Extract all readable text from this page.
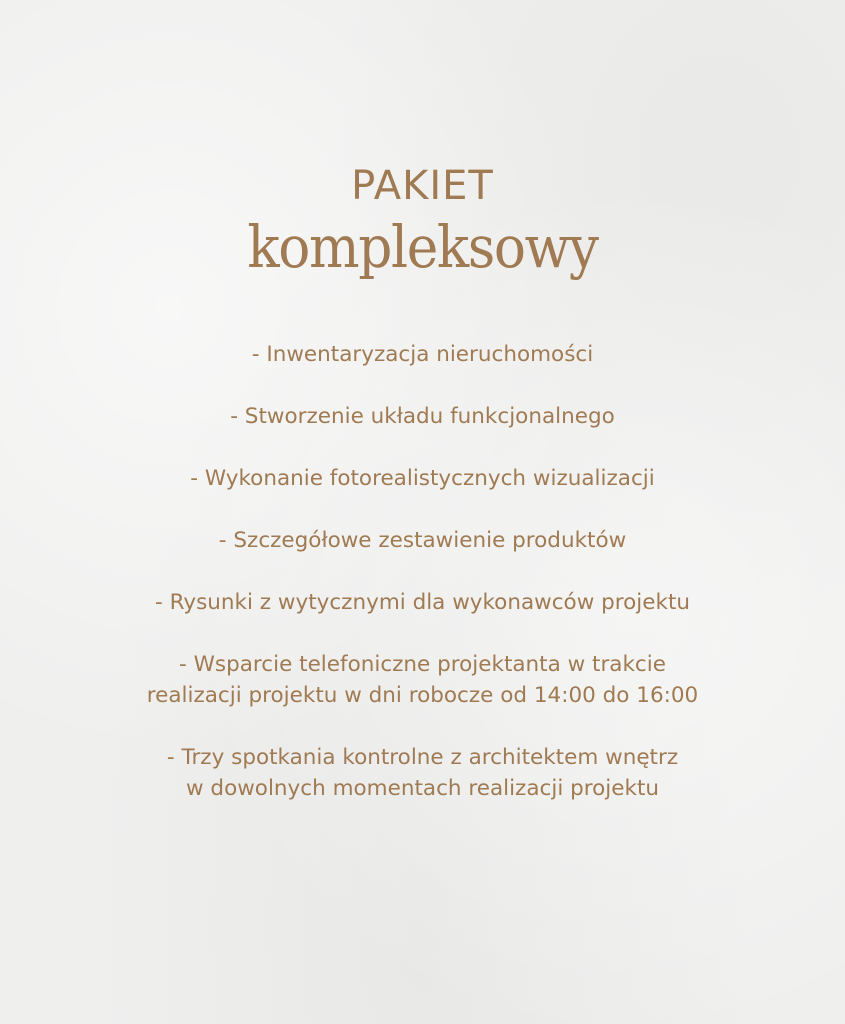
PAKIET
kompleksowy
- Inwentaryzacja nieruchomości
- Stworzenie układu funkcjonalnego
- Wykonanie fotorealistycznych wizualizacji
- Szczegółowe zestawienie produktów
- Rysunki z wytycznymi dla wykonawców projektu
- Wsparcie telefoniczne projektanta w trakcie
realizacji projektu w dni robocze od 14:00 do 16:00
- Trzy spotkania kontrolne z architektem wnętrz
w dowolnych momentach realizacji projektu
